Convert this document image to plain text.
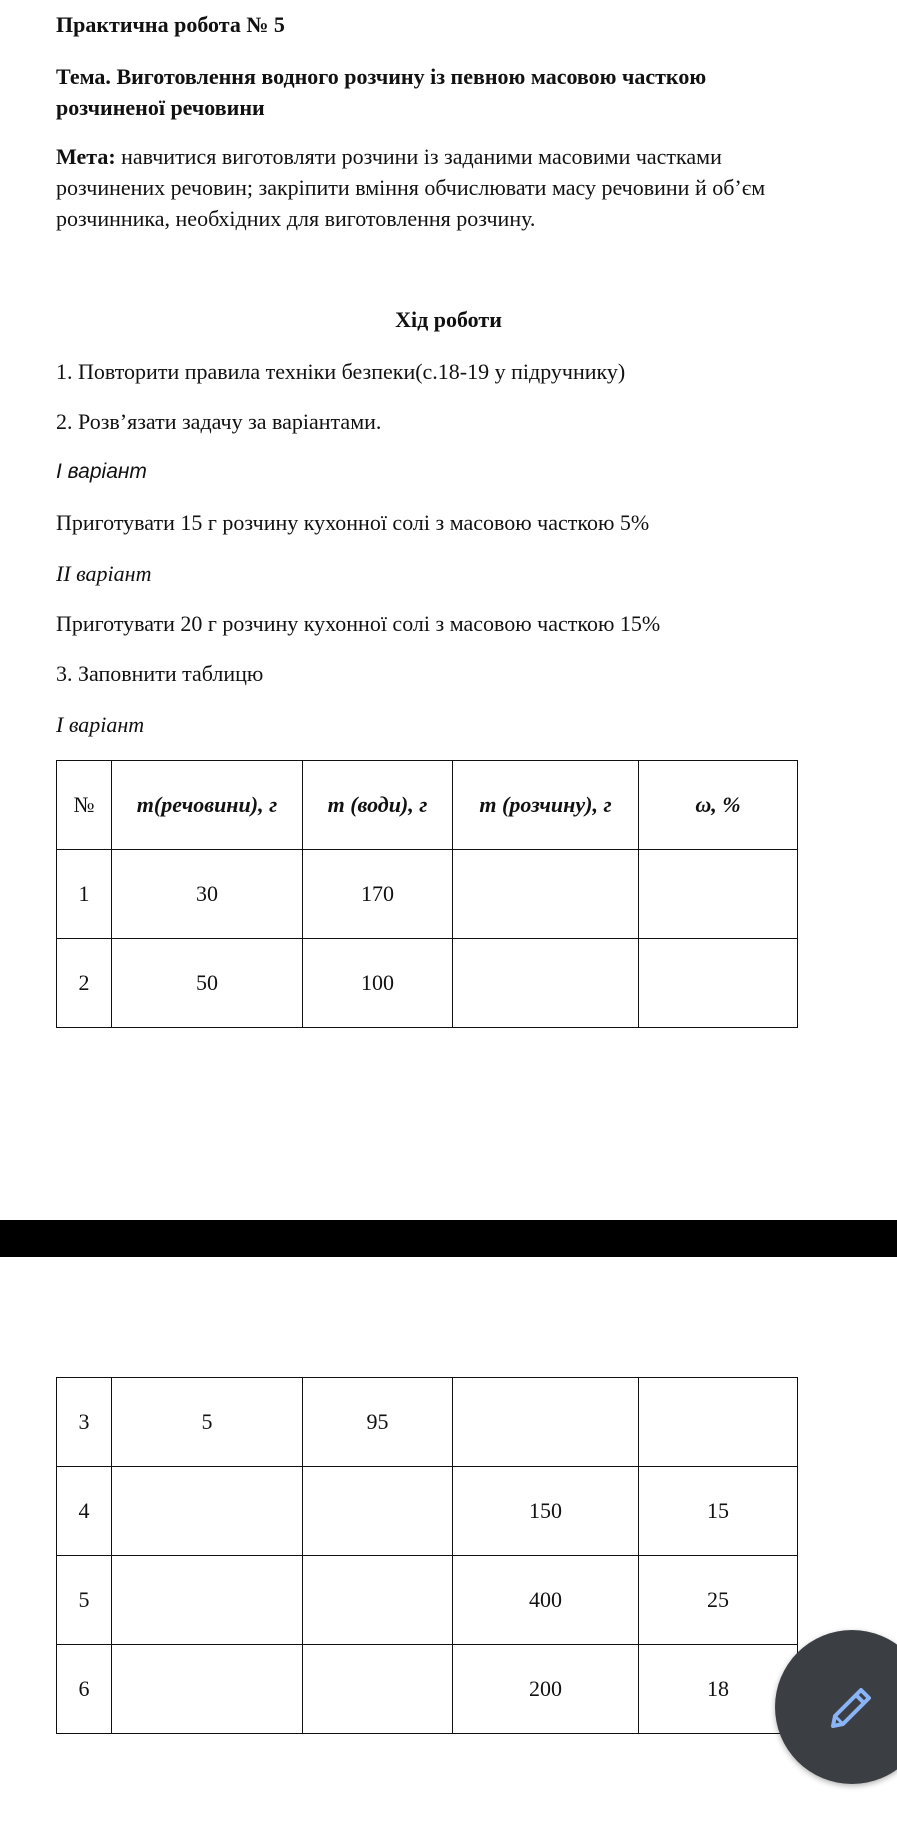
Практична робота № 5
Тема. Виготовлення водного розчину із певною масовою часткою розчиненої речовини
Мета: навчитися виготовляти розчини із заданими масовими частками розчинених речовин; закріпити вміння обчислювати масу речовини й об’єм розчинника, необхідних для виготовлення розчину.
Хід роботи
1. Повторити правила техніки безпеки(с.18-19 у підручнику)
2. Розв’язати задачу за варіантами.
I варіант
Приготувати 15 г розчину кухонної солі з масовою часткою 5%
II варіант
Приготувати 20 г розчину кухонної солі з масовою часткою 15%
3. Заповнити таблицю
I варіант
№	m(речовини), г	m (води), г	m (розчину), г	ω, %
1	30	170		
2	50	100		
3	5	95		
4			150	15
5			400	25
6			200	18
